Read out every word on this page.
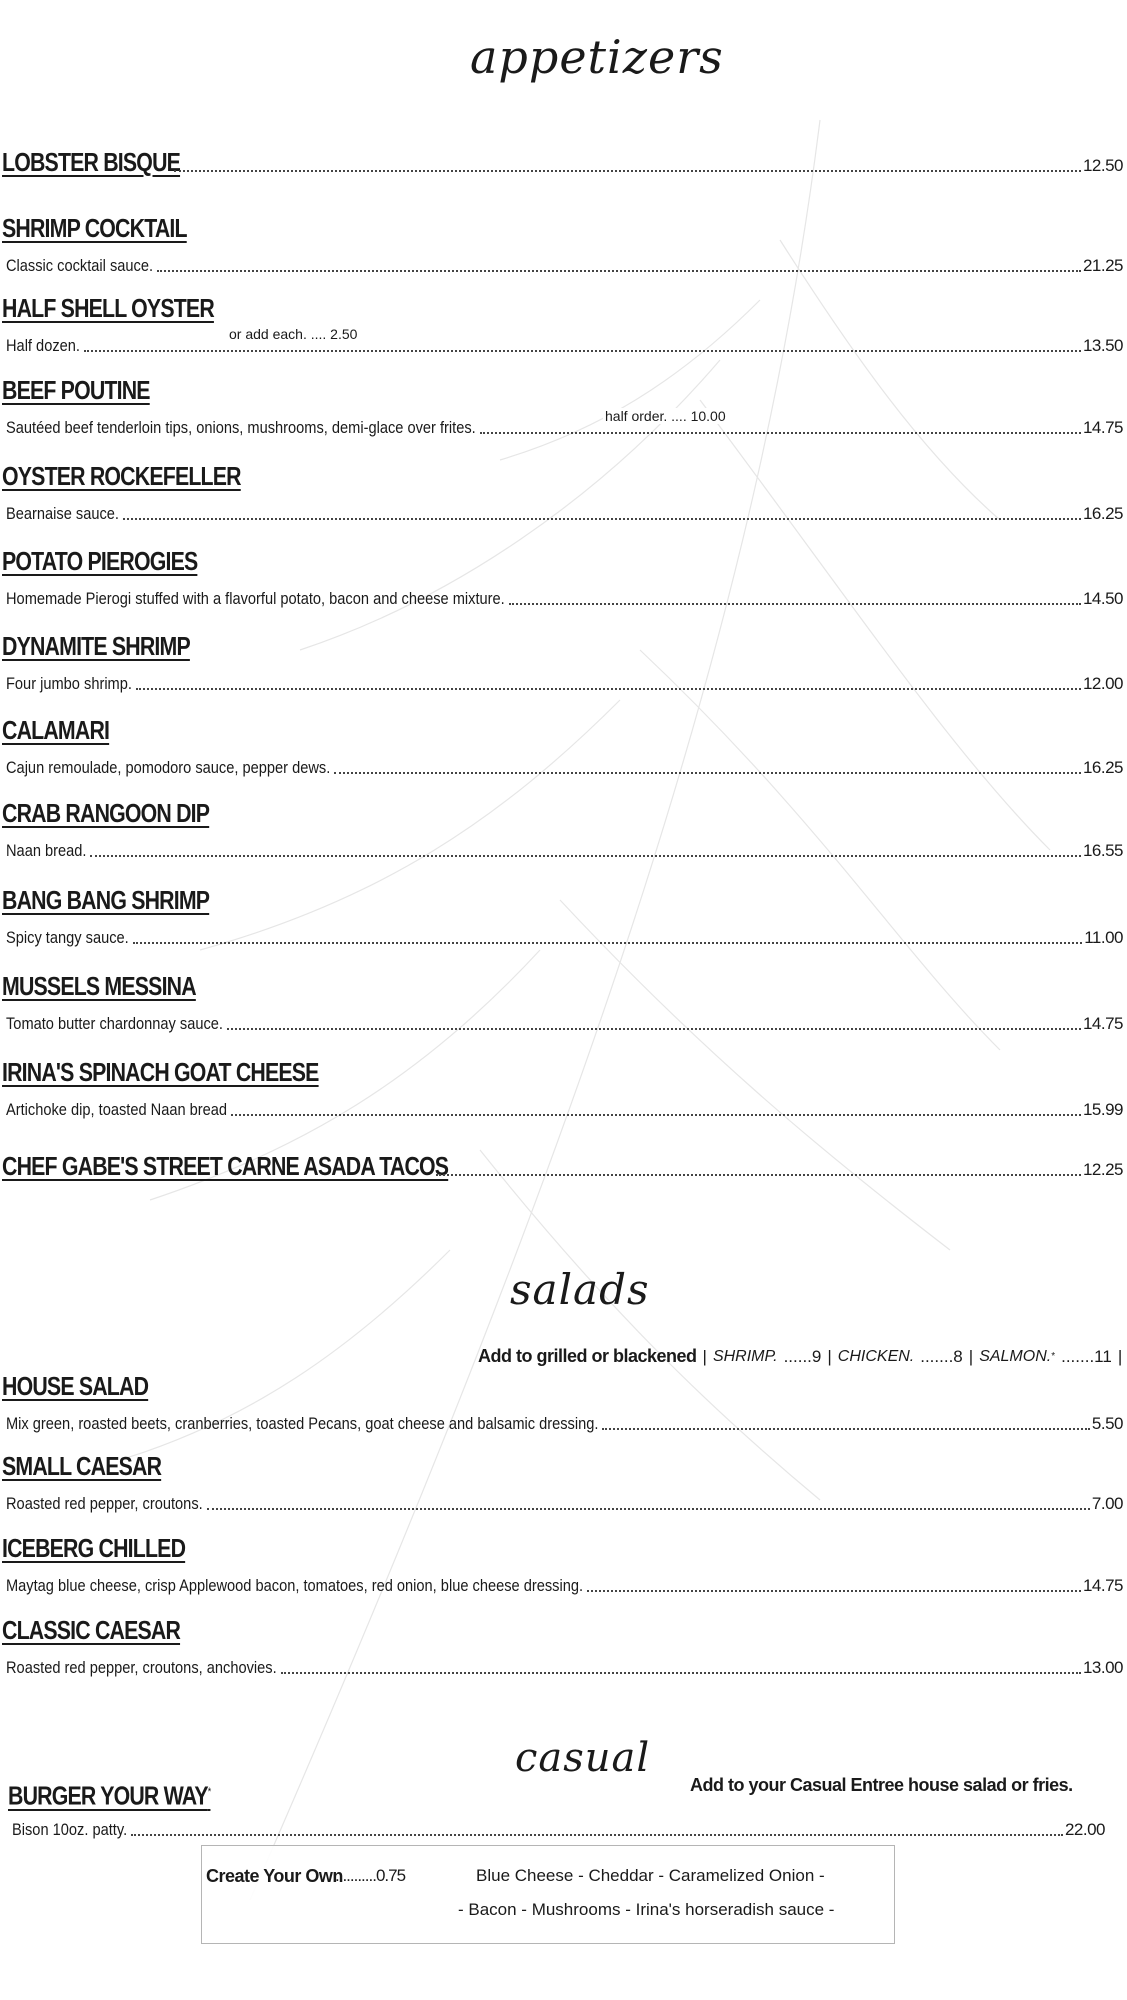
appetizers
LOBSTER BISQUE	12.50
SHRIMP COCKTAIL
Classic cocktail sauce.	21.25
HALF SHELL OYSTER
Half dozen.	13.50
or add each. .... 2.50
BEEF POUTINE
Sautéed beef tenderloin tips, onions, mushrooms, demi-glace over frites.	14.75
half order. .... 10.00
OYSTER ROCKEFELLER
Bearnaise sauce.	16.25
POTATO PIEROGIES
Homemade Pierogi stuffed with a flavorful potato, bacon and cheese mixture.	14.50
DYNAMITE SHRIMP
Four jumbo shrimp.	12.00
CALAMARI
Cajun remoulade, pomodoro sauce, pepper dews.	16.25
CRAB RANGOON DIP
Naan bread.	16.55
BANG BANG SHRIMP
Spicy tangy sauce.	11.00
MUSSELS MESSINA
Tomato butter chardonnay sauce.	14.75
IRINA'S SPINACH GOAT CHEESE
Artichoke dip, toasted Naan bread	15.99
CHEF GABE'S STREET CARNE ASADA TACOS	12.25
salads
Add to grilled or blackened | SHRIMP. ......9 | CHICKEN. .......8 | SALMON. * .......11 |
HOUSE SALAD
Mix green, roasted beets, cranberries, toasted Pecans, goat cheese and balsamic dressing.	5.50
SMALL CAESAR
Roasted red pepper, croutons.	7.00
ICEBERG CHILLED
Maytag blue cheese, crisp Applewood bacon, tomatoes, red onion, blue cheese dressing.	14.75
CLASSIC CAESAR
Roasted red pepper, croutons, anchovies.	13.00
casual
Add to your Casual Entree house salad or fries.
BURGER YOUR WAY*
Bison 10oz. patty.	22.00
Create Your Own
...........0.75	Blue Cheese - Cheddar - Caramelized Onion -
- Bacon - Mushrooms - Irina's horseradish sauce -
